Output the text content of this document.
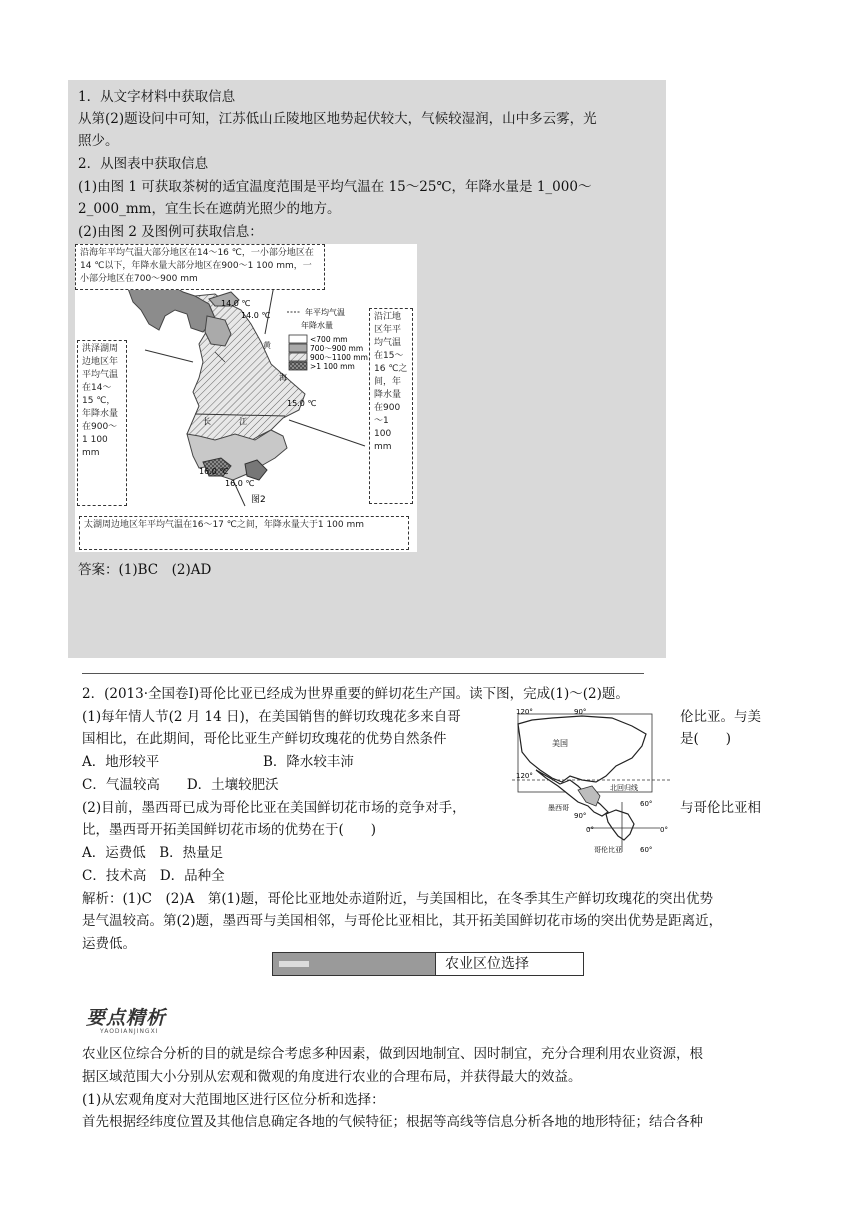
1．从文字材料中获取信息
从第(2)题设问中可知，江苏低山丘陵地区地势起伏较大，气候较湿润，山中多云雾，光
照少。
2．从图表中获取信息
(1)由图 1 可获取茶树的适宜温度范围是平均气温在 15～25℃，年降水量是 1_000～
2_000_mm，宜生长在遮荫光照少的地方。
(2)由图 2 及图例可获取信息：
14.0 ℃
14.0 ℃
15.0 ℃
16.0 ℃
16.0 ℃
黄
海
长	江
图2
年平均气温
年降水量
<700 mm
700～900 mm
900～1100 mm
>1 100 mm
沿海年平均气温大部分地区在14～16 ℃，一小部分地区在14 ℃以下，年降水量大部分地区在900～1 100 mm，一小部分地区在700～900 mm
洪泽湖周边地区年平均气温在14～15 ℃，年降水量在900～1 100 mm
沿江地区年平均气温在15～16 ℃之间，年降水量在900～1 100 mm
太湖周边地区年平均气温在16～17 ℃之间，年降水量大于1 100 mm
答案：(1)BC　(2)AD
2．(2013·全国卷Ⅰ)哥伦比亚已经成为世界重要的鲜切花生产国。读下图，完成(1)～(2)题。
(1)每年情人节(2 月 14 日)，在美国销售的鲜切玫瑰花多来自哥	伦比亚。与美
国相比，在此期间，哥伦比亚生产鲜切玫瑰花的优势自然条件	是(　　)
A．地形较平	B．降水较丰沛
C．气温较高　　D．土壤较肥沃
(2)目前，墨西哥已成为哥伦比亚在美国鲜切花市场的竞争对手，	与哥伦比亚相
比，墨西哥开拓美国鲜切花市场的优势在于(　　)
A．运费低　B．热量足
C．技术高　D．品种全
解析：(1)C　(2)A　第(1)题，哥伦比亚地处赤道附近，与美国相比，在冬季其生产鲜切玫瑰花的突出优势
是气温较高。第(2)题，墨西哥与美国相邻，与哥伦比亚相比，其开拓美国鲜切花市场的突出优势是距离近，
运费低。
120°	90°
美国
120°
北回归线
墨西哥
90°
60°
0°	0°
哥伦比亚	60°
农业区位选择
要点精析
YAODIANJINGXI
农业区位综合分析的目的就是综合考虑多种因素，做到因地制宜、因时制宜，充分合理利用农业资源，根
据区域范围大小分别从宏观和微观的角度进行农业的合理布局，并获得最大的效益。
(1)从宏观角度对大范围地区进行区位分析和选择：
首先根据经纬度位置及其他信息确定各地的气候特征；根据等高线等信息分析各地的地形特征；结合各种
